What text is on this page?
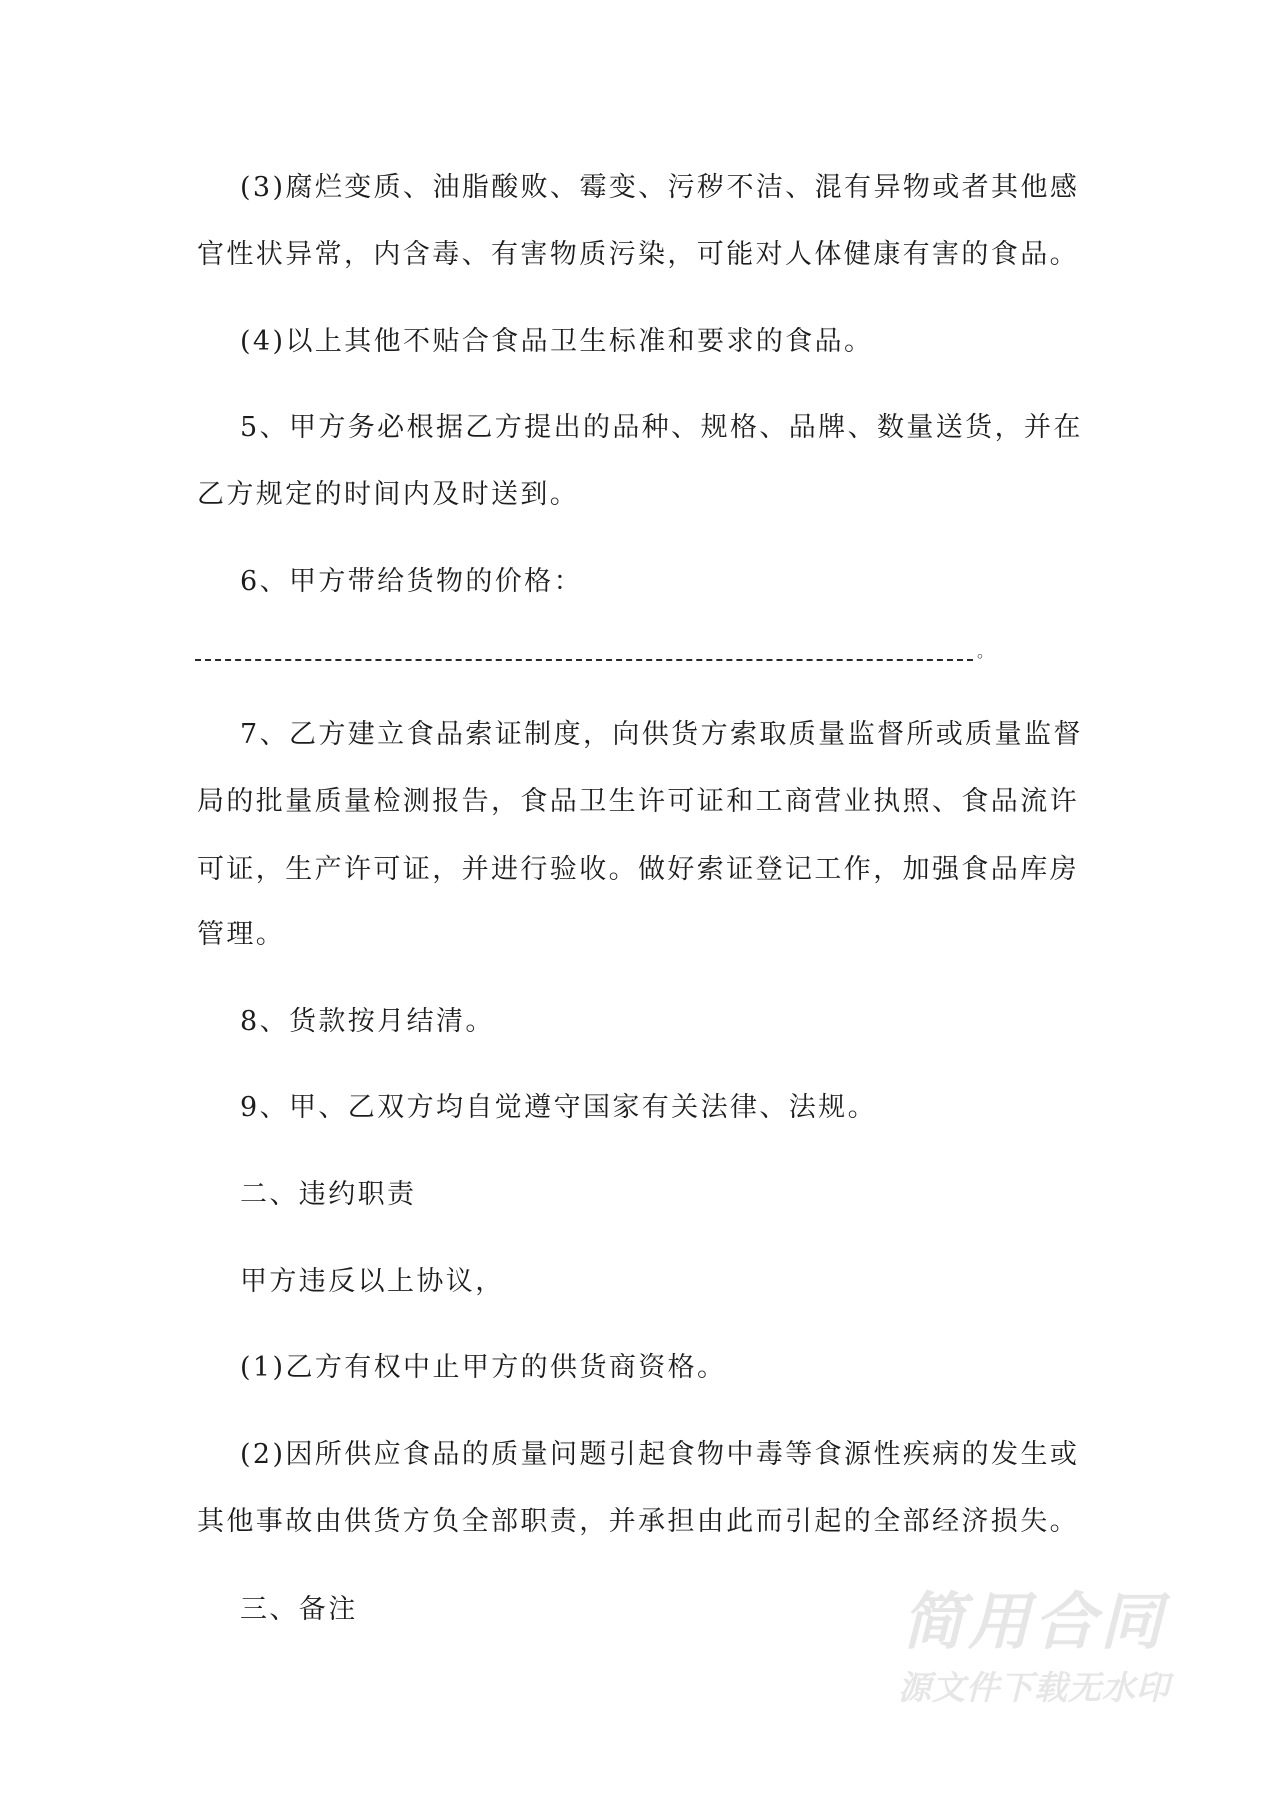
(3)腐烂变质、油脂酸败、霉变、污秽不洁、混有异物或者其他感
官性状异常，内含毒、有害物质污染，可能对人体健康有害的食品。
(4)以上其他不贴合食品卫生标准和要求的食品。
5、甲方务必根据乙方提出的品种、规格、品牌、数量送货，并在
乙方规定的时间内及时送到。
6、甲方带给货物的价格：
。
7、乙方建立食品索证制度，向供货方索取质量监督所或质量监督
局的批量质量检测报告，食品卫生许可证和工商营业执照、食品流许
可证，生产许可证，并进行验收。做好索证登记工作，加强食品库房
管理。
8、货款按月结清。
9、甲、乙双方均自觉遵守国家有关法律、法规。
二、违约职责
甲方违反以上协议，
(1)乙方有权中止甲方的供货商资格。
(2)因所供应食品的质量问题引起食物中毒等食源性疾病的发生或
其他事故由供货方负全部职责，并承担由此而引起的全部经济损失。
三、备注	简用合同
源文件下载无水印
